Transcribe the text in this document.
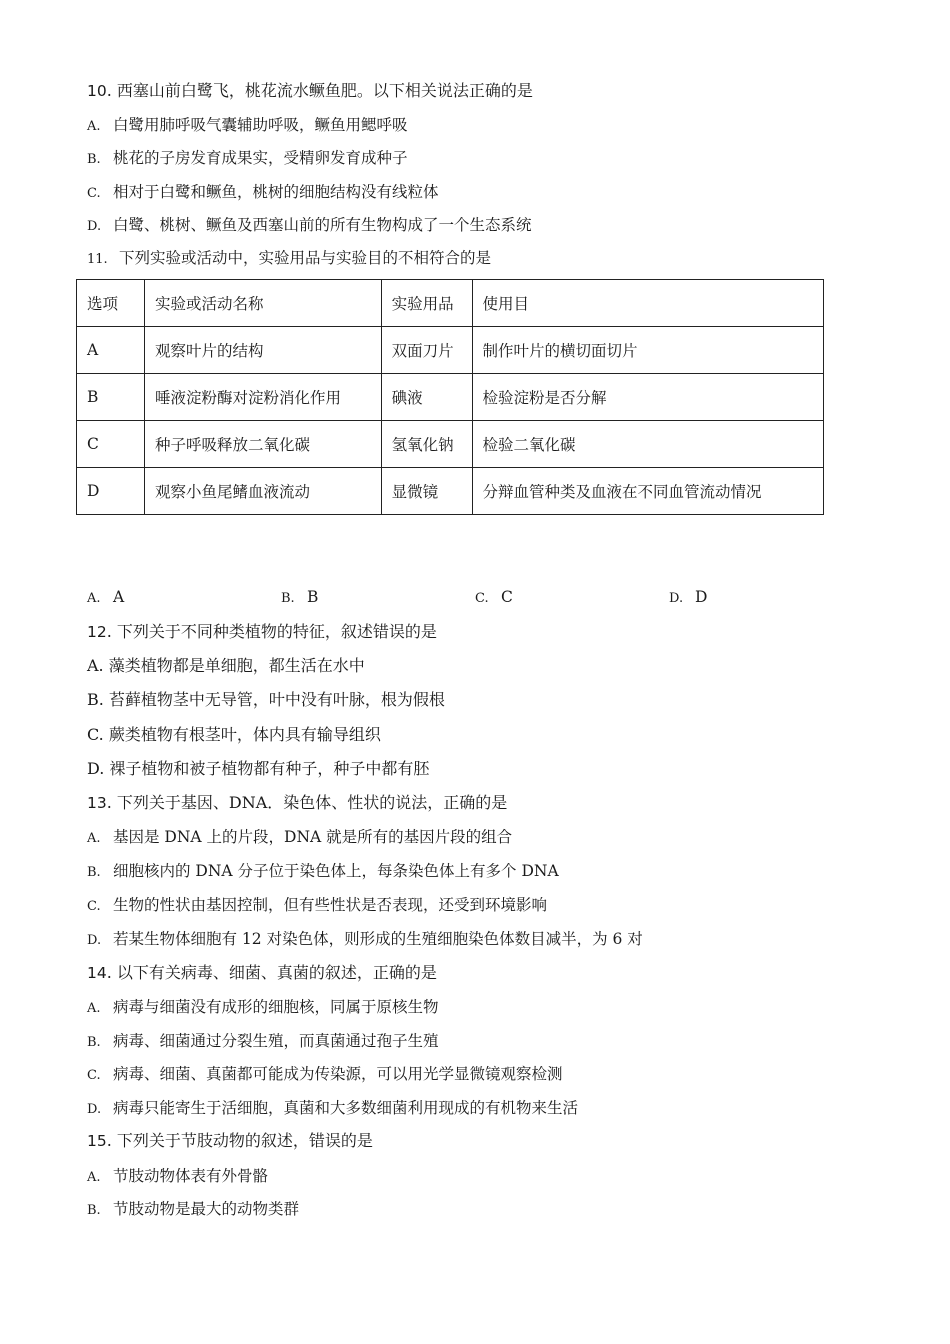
10. 西塞山前白鹭飞，桃花流水鳜鱼肥。以下相关说法正确的是
A. 白鹭用肺呼吸气囊辅助呼吸，鳜鱼用鳃呼吸
B. 桃花的子房发育成果实，受精卵发育成种子
C. 相对于白鹭和鳜鱼，桃树的细胞结构没有线粒体
D. 白鹭、桃树、鳜鱼及西塞山前的所有生物构成了一个生态系统
11. 下列实验或活动中，实验用品与实验目的不相符合的是
选项	实验或活动名称	实验用品	使用目
A	观察叶片的结构	双面刀片	制作叶片的横切面切片
B	唾液淀粉酶对淀粉消化作用	碘液	检验淀粉是否分解
C	种子呼吸释放二氧化碳	氢氧化钠	检验二氧化碳
D	观察小鱼尾鳍血液流动	显微镜	分辩血管种类及血液在不同血管流动情况
A. A	B. B	C. C	D. D
12. 下列关于不同种类植物的特征，叙述错误的是
A. 藻类植物都是单细胞，都生活在水中
B. 苔藓植物茎中无导管，叶中没有叶脉，根为假根
C. 蕨类植物有根茎叶，体内具有输导组织
D. 裸子植物和被子植物都有种子，种子中都有胚
13. 下列关于基因、DNA．染色体、性状的说法，正确的是
A. 基因是 DNA 上的片段，DNA 就是所有的基因片段的组合
B. 细胞核内的 DNA 分子位于染色体上，每条染色体上有多个 DNA
C. 生物的性状由基因控制，但有些性状是否表现，还受到环境影响
D. 若某生物体细胞有 12 对染色体，则形成的生殖细胞染色体数目减半，为 6 对
14. 以下有关病毒、细菌、真菌的叙述，正确的是
A. 病毒与细菌没有成形的细胞核，同属于原核生物
B. 病毒、细菌通过分裂生殖，而真菌通过孢子生殖
C. 病毒、细菌、真菌都可能成为传染源，可以用光学显微镜观察检测
D. 病毒只能寄生于活细胞，真菌和大多数细菌利用现成的有机物来生活
15. 下列关于节肢动物的叙述，错误的是
A. 节肢动物体表有外骨骼
B. 节肢动物是最大的动物类群
